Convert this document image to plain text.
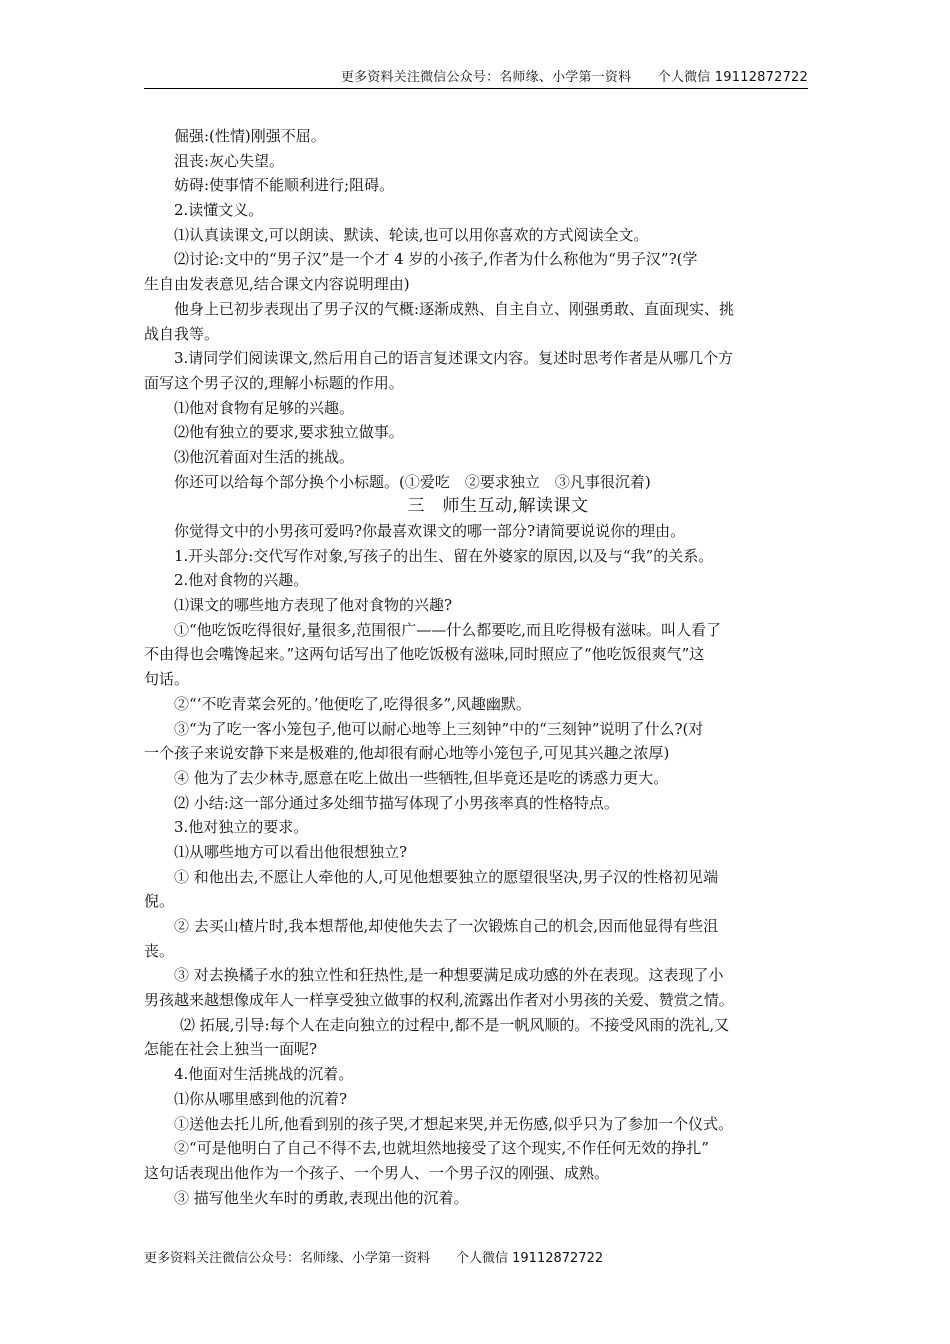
更多资料关注微信公众号：名师缘、小学第一资料　　个人微信 19112872722
倔强:(性情)刚强不屈。
沮丧:灰心失望。
妨碍:使事情不能顺利进行;阻碍。
2.读懂文义。
⑴认真读课文,可以朗读、默读、轮读,也可以用你喜欢的方式阅读全文。
⑵讨论:文中的“男子汉”是一个才 4 岁的小孩子,作者为什么称他为“男子汉”?(学
生自由发表意见,结合课文内容说明理由)
他身上已初步表现出了男子汉的气概:逐渐成熟、自主自立、刚强勇敢、直面现实、挑
战自我等。
3.请同学们阅读课文,然后用自己的语言复述课文内容。复述时思考作者是从哪几个方
面写这个男子汉的,理解小标题的作用。
⑴他对食物有足够的兴趣。
⑵他有独立的要求,要求独立做事。
⑶他沉着面对生活的挑战。
你还可以给每个部分换个小标题。(①爱吃　②要求独立　③凡事很沉着)
三　师生互动,解读课文
你觉得文中的小男孩可爱吗?你最喜欢课文的哪一部分?请简要说说你的理由。
1.开头部分:交代写作对象,写孩子的出生、留在外婆家的原因,以及与“我”的关系。
2.他对食物的兴趣。
⑴课文的哪些地方表现了他对食物的兴趣?
①“他吃饭吃得很好,量很多,范围很广——什么都要吃,而且吃得极有滋味。叫人看了
不由得也会嘴馋起来。”这两句话写出了他吃饭极有滋味,同时照应了“他吃饭很爽气”这
句话。
②“‘不吃青菜会死的。’他便吃了,吃得很多”,风趣幽默。
③“为了吃一客小笼包子,他可以耐心地等上三刻钟”中的“三刻钟”说明了什么?(对
一个孩子来说安静下来是极难的,他却很有耐心地等小笼包子,可见其兴趣之浓厚)
④ 他为了去少林寺,愿意在吃上做出一些牺牲,但毕竟还是吃的诱惑力更大。
⑵ 小结:这一部分通过多处细节描写体现了小男孩率真的性格特点。
3.他对独立的要求。
⑴从哪些地方可以看出他很想独立?
① 和他出去,不愿让人牵他的人,可见他想要独立的愿望很坚决,男子汉的性格初见端
倪。
② 去买山楂片时,我本想帮他,却使他失去了一次锻炼自己的机会,因而他显得有些沮
丧。
③ 对去换橘子水的独立性和狂热性,是一种想要满足成功感的外在表现。这表现了小
男孩越来越想像成年人一样享受独立做事的权利,流露出作者对小男孩的关爱、赞赏之情。
⑵ 拓展,引导:每个人在走向独立的过程中,都不是一帆风顺的。不接受风雨的洗礼,又
怎能在社会上独当一面呢?
4.他面对生活挑战的沉着。
⑴你从哪里感到他的沉着?
①送他去托儿所,他看到别的孩子哭,才想起来哭,并无伤感,似乎只为了参加一个仪式。
②“可是他明白了自己不得不去,也就坦然地接受了这个现实,不作任何无效的挣扎”
这句话表现出他作为一个孩子、一个男人、一个男子汉的刚强、成熟。
③ 描写他坐火车时的勇敢,表现出他的沉着。
更多资料关注微信公众号：名师缘、小学第一资料　　个人微信 19112872722
